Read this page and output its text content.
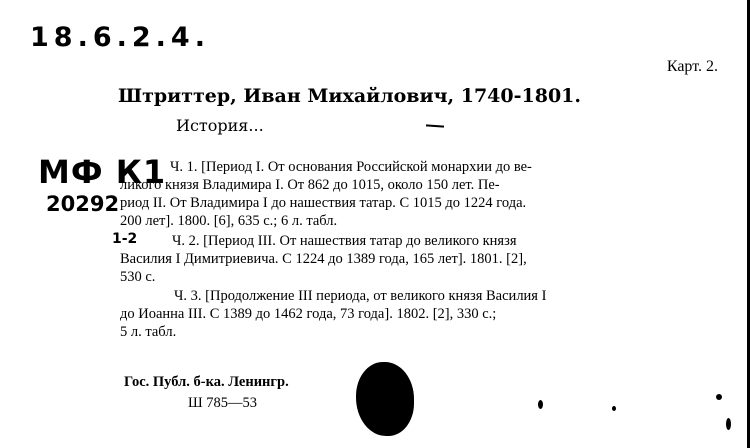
18.6.2.4.
Карт. 2.
Штриттер, Иван Михайлович, 1740-1801.
История...
МФ К1
20292
1-2

Ч. 1. [Период I. От основания Российской монархии до ве-
ликого князя Владимира I. От 862 до 1015, около 150 лет. Пе-
риод II. От Владимира I до нашествия татар. С 1015 до 1224 года.
200 лет]. 1800. [6], 635 с.; 6 л. табл.

Ч. 2. [Период III. От нашествия татар до великого князя
Василия I Димитриевича. С 1224 до 1389 года, 165 лет]. 1801. [2],
530 с.

Ч. 3. [Продолжение III периода, от великого князя Василия I
до Иоанна III. С 1389 до 1462 года, 73 года]. 1802. [2], 330 с.;
5 л. табл.

Гос. Публ. б-ка. Ленингр.
Ш 785—53
